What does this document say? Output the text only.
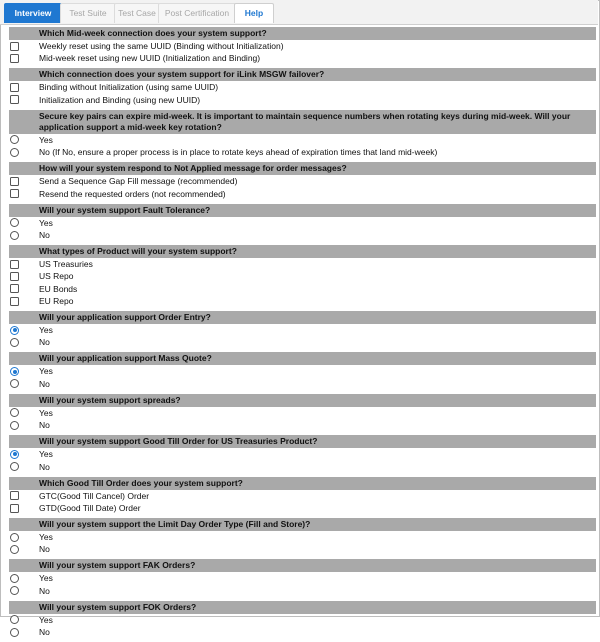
Interview	Test Suite	Test Case	Post Certification	Help
Which Mid-week connection does your system support?
Weekly reset using the same UUID (Binding without Initialization)
Mid-week reset using new UUID (Initialization and Binding)
Which connection does your system support for iLink MSGW failover?
Binding without Initialization (using same UUID)
Initialization and Binding (using new UUID)
Secure key pairs can expire mid-week. It is important to maintain sequence numbers when rotating keys during mid-week. Will your application support a mid-week key rotation?
Yes
No (If No, ensure a proper process is in place to rotate keys ahead of expiration times that land mid-week)
How will your system respond to Not Applied message for order messages?
Send a Sequence Gap Fill message (recommended)
Resend the requested orders (not recommended)
Will your system support Fault Tolerance?
Yes
No
What types of Product will your system support?
US Treasuries
US Repo
EU Bonds
EU Repo
Will your application support Order Entry?
Yes
No
Will your application support Mass Quote?
Yes
No
Will your system support spreads?
Yes
No
Will your system support Good Till Order for US Treasuries Product?
Yes
No
Which Good Till Order does your system support?
GTC(Good Till Cancel) Order
GTD(Good Till Date) Order
Will your system support the Limit Day Order Type (Fill and Store)?
Yes
No
Will your system support FAK Orders?
Yes
No
Will your system support FOK Orders?
Yes
No
